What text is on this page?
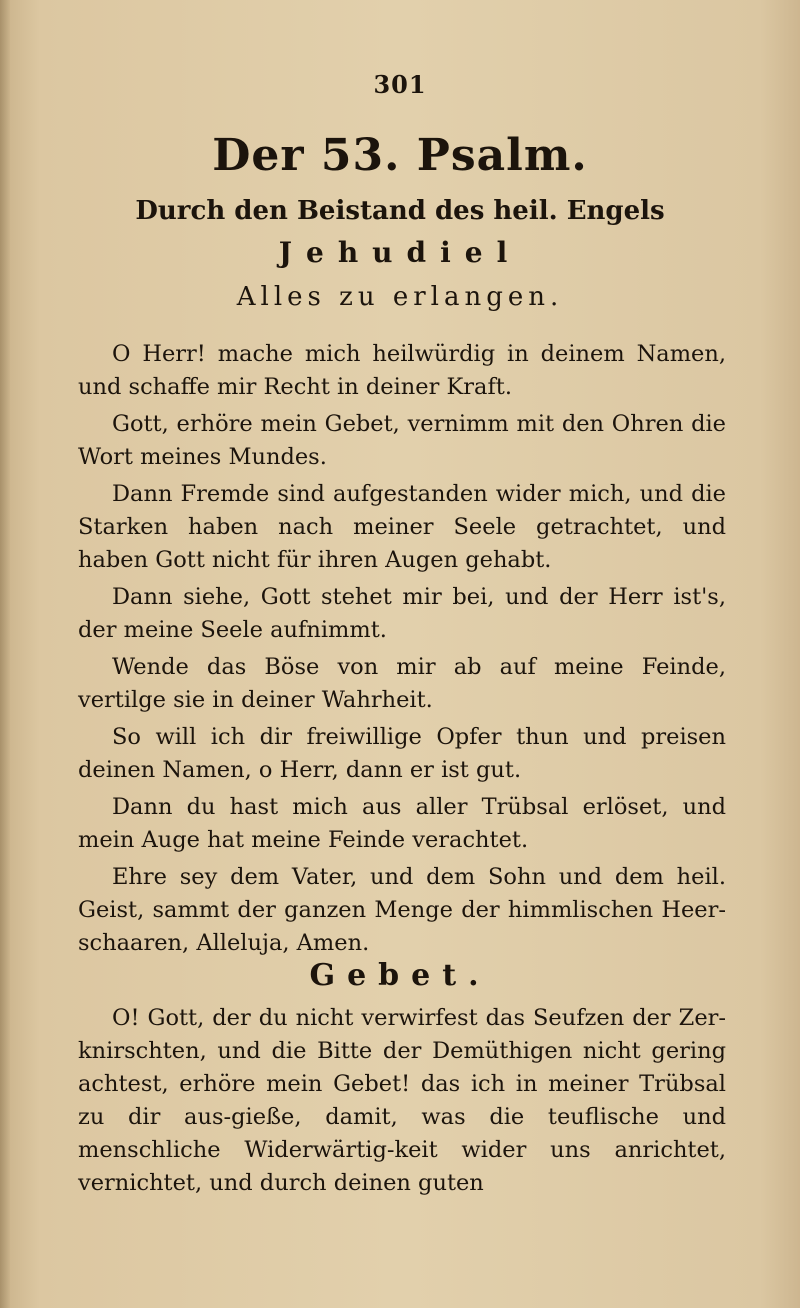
301
Der 53. Psalm.
Durch den Beistand des heil. Engels
Jehudiel
Alles zu erlangen.

O Herr! mache mich heilwürdig in deinem Namen, und schaffe mir Recht in deiner Kraft.

Gott, erhöre mein Gebet, vernimm mit den Ohren die Wort meines Mundes.

Dann Fremde sind aufgestanden wider mich, und die Starken haben nach meiner Seele getrachtet, und haben Gott nicht für ihren Augen gehabt.

Dann siehe, Gott stehet mir bei, und der Herr ist's, der meine Seele aufnimmt.

Wende das Böse von mir ab auf meine Feinde, vertilge sie in deiner Wahrheit.

So will ich dir freiwillige Opfer thun und preisen deinen Namen, o Herr, dann er ist gut.

Dann du hast mich aus aller Trübsal erlöset, und mein Auge hat meine Feinde verachtet.

Ehre sey dem Vater, und dem Sohn und dem heil. Geist, sammt der ganzen Menge der himmlischen Heer-schaaren, Alleluja, Amen.

Gebet.

O! Gott, der du nicht verwirfest das Seufzen der Zer-knirschten, und die Bitte der Demüthigen nicht gering achtest, erhöre mein Gebet! das ich in meiner Trübsal zu dir aus-gieße, damit, was die teuflische und menschliche Widerwärtig-keit wider uns anrichtet, vernichtet, und durch deinen guten
